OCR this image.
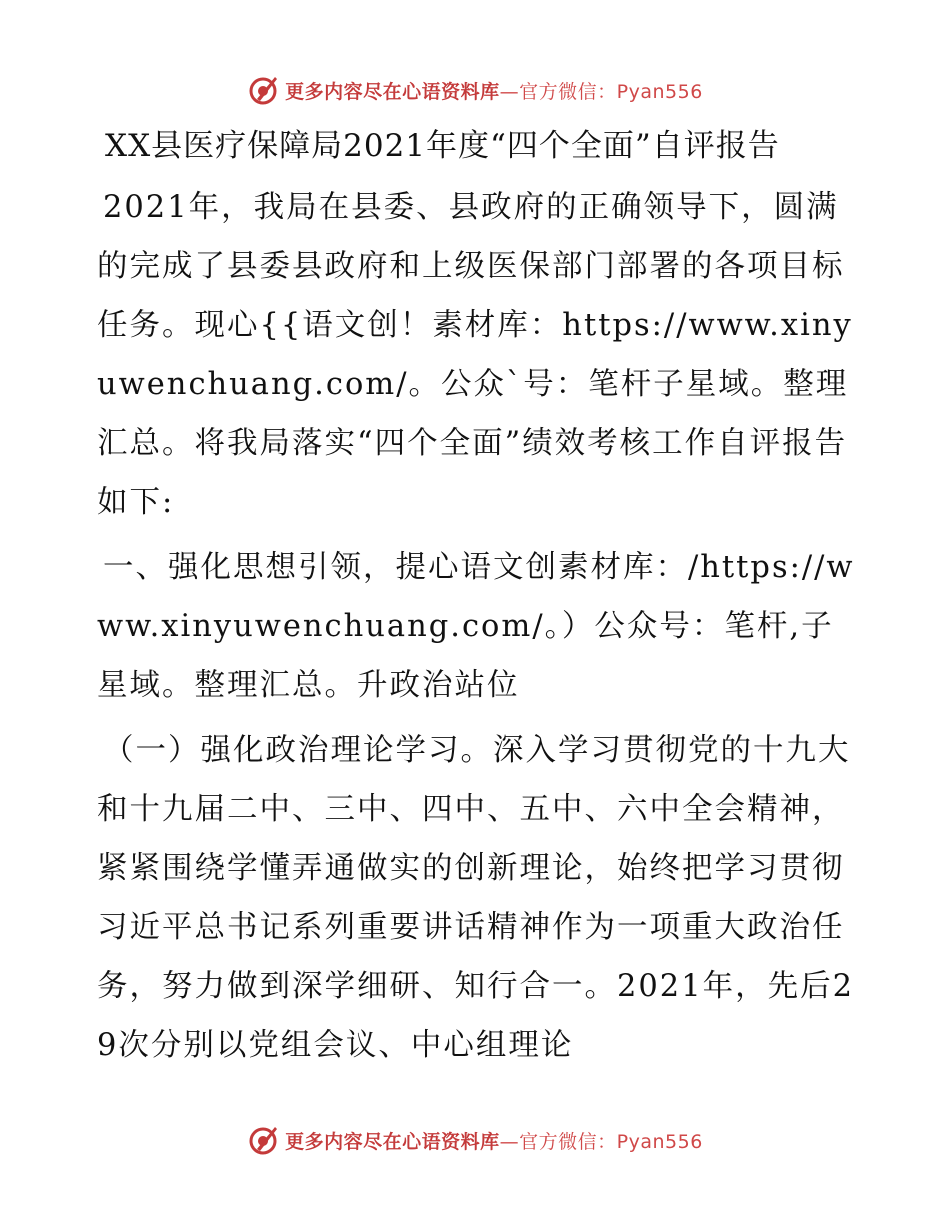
更多内容尽在心语资料库—官方微信：Pyan556
XX县医疗保障局2021年度“四个全面”自评报告

2021年，我局在县委、县政府的正确领导下，圆满的完成了县委县政府和上级医保部门部署的各项目标任务。现心{{语文创！素材库：https://www.xinyuwenchuang.com/。公众`号：笔杆子星域。整理汇总。将我局落实“四个全面”绩效考核工作自评报告如下:

一、强化思想引领，提心语文创素材库：/https://www.xinyuwenchuang.com/。）公众号：笔杆,子星域。整理汇总。升政治站位

（一）强化政治理论学习。深入学习贯彻党的十九大和十九届二中、三中、四中、五中、六中全会精神，紧紧围绕学懂弄通做实的创新理论，始终把学习贯彻习近平总书记系列重要讲话精神作为一项重大政治任务，努力做到深学细研、知行合一。2021年，先后29次分别以党组会议、中心组理论

更多内容尽在心语资料库—官方微信：Pyan556
